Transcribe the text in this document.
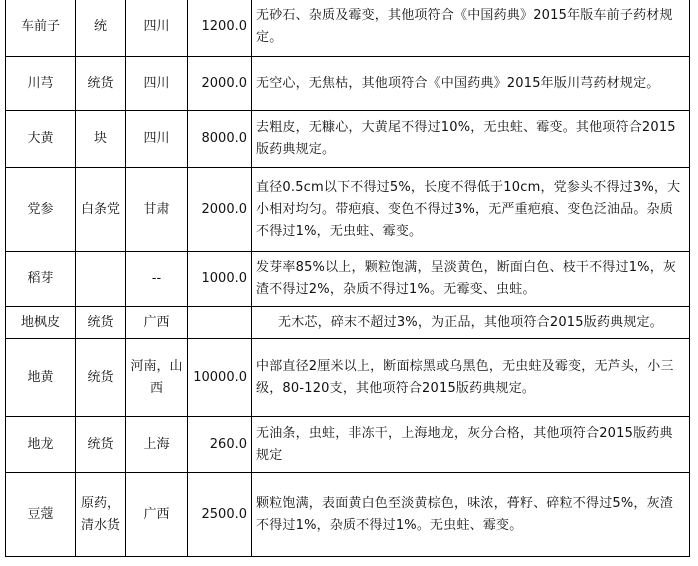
车前子	统	四川	1200.0	无砂石、杂质及霉变，其他项符合《中国药典》2015年版车前子药材规定。
川芎	统货	四川	2000.0	无空心，无焦枯，其他项符合《中国药典》2015年版川芎药材规定。
大黄	块	四川	8000.0	去粗皮，无糠心，大黄尾不得过10%，无虫蛀、霉变。其他项符合2015版药典规定。
党参	白条党	甘肃	2000.0	直径0.5cm以下不得过5%，长度不得低于10cm，党参头不得过3%，大小相对均匀。带疤痕、变色不得过3%，无严重疤痕、变色泛油品。杂质不得过1%，无虫蛀、霉变。
稻芽		--	1000.0	发芽率85%以上，颗粒饱满，呈淡黄色，断面白色、枝干不得过1%，灰渣不得过2%，杂质不得过1%。无霉变、虫蛀。
地枫皮	统货	广西		无木芯，碎末不超过3%，为正品，其他项符合2015版药典规定。
地黄	统货	河南，山西	10000.0	中部直径2厘米以上，断面棕黑或乌黑色，无虫蛀及霉变，无芦头，小三级，80-120支，其他项符合2015版药典规定。
地龙	统货	上海	260.0	无油条，虫蛀，非冻干，上海地龙，灰分合格，其他项符合2015版药典规定
豆蔻	原药，清水货	广西	2500.0	颗粒饱满，表面黄白色至淡黄棕色，味浓，蓇籽、碎粒不得过5%，灰渣不得过1%，杂质不得过1%。无虫蛀、霉变。
